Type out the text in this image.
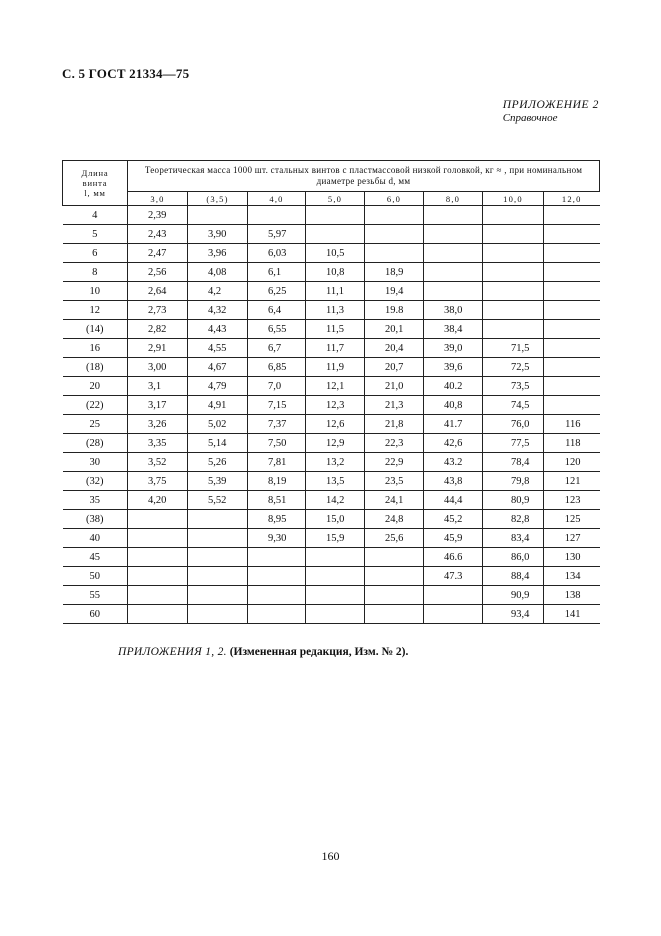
С. 5 ГОСТ 21334—75
ПРИЛОЖЕНИЕ 2
Справочное
Длина
винта
l, мм	Теоретическая масса 1000 шт. стальных винтов с пластмассовой низкой головкой, кг ≈ , при номинальном диаметре резьбы d, мм							
	3,0	(3,5)	4,0	5,0	6,0	8,0	10,0	12,0
4	2,39							
5	2,43	3,90	5,97					
6	2,47	3,96	6,03	10,5				
8	2,56	4,08	6,1	10,8	18,9			
10	2,64	4,2	6,25	11,1	19,4			
12	2,73	4,32	6,4	11,3	19.8	38,0		
(14)	2,82	4,43	6,55	11,5	20,1	38,4		
16	2,91	4,55	6,7	11,7	20,4	39,0	71,5	
(18)	3,00	4,67	6,85	11,9	20,7	39,6	72,5	
20	3,1	4,79	7,0	12,1	21,0	40.2	73,5	
(22)	3,17	4,91	7,15	12,3	21,3	40,8	74,5	
25	3,26	5,02	7,37	12,6	21,8	41.7	76,0	116
(28)	3,35	5,14	7,50	12,9	22,3	42,6	77,5	118
30	3,52	5,26	7,81	13,2	22,9	43.2	78,4	120
(32)	3,75	5,39	8,19	13,5	23,5	43,8	79,8	121
35	4,20	5,52	8,51	14,2	24,1	44,4	80,9	123
(38)			8,95	15,0	24,8	45,2	82,8	125
40			9,30	15,9	25,6	45,9	83,4	127
45						46.6	86,0	130
50						47.3	88,4	134
55							90,9	138
60							93,4	141
ПРИЛОЖЕНИЯ 1, 2. (Измененная редакция, Изм. № 2).
160
